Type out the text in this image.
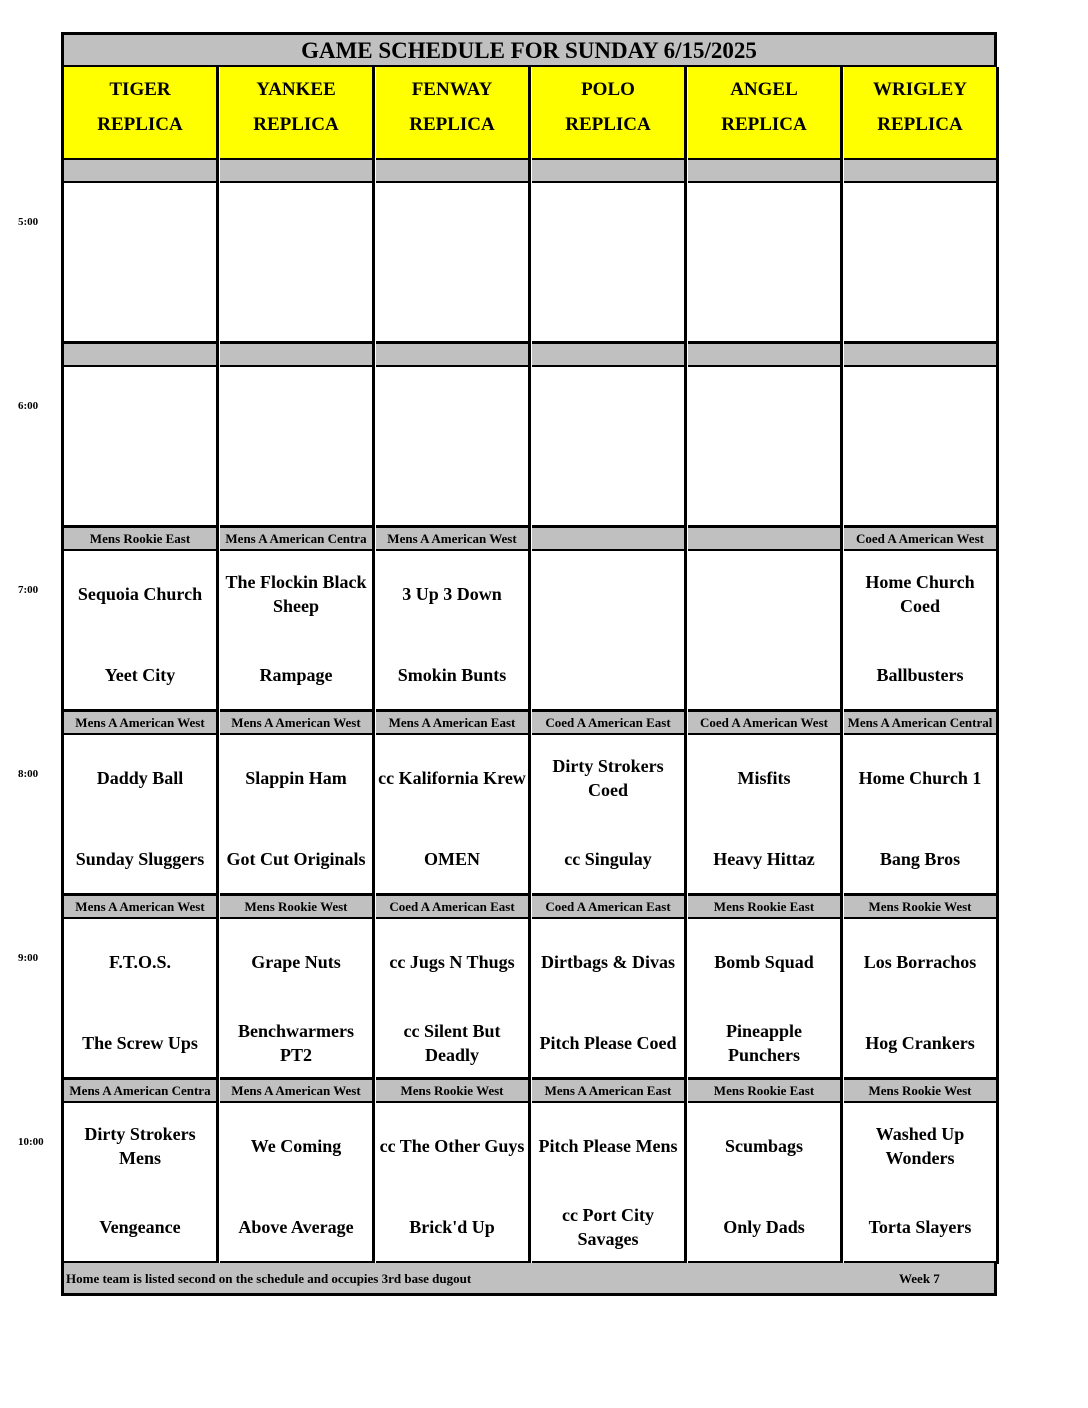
5:00
6:00
7:00
8:00
9:00
10:00
GAME SCHEDULE FOR SUNDAY 6/15/2025
TIGER
REPLICA
Mens Rookie East
Sequoia Church
Yeet City
Mens A American West
Daddy Ball
Sunday Sluggers
Mens A American West
F.T.O.S.
The Screw Ups
Mens A American Centra
Dirty Strokers Mens
Vengeance
YANKEE
REPLICA
Mens A American Centra
The Flockin Black Sheep
Rampage
Mens A American West
Slappin Ham
Got Cut Originals
Mens Rookie West
Grape Nuts
Benchwarmers PT2
Mens A American West
We Coming
Above Average
FENWAY
REPLICA
Mens A American West
3 Up 3 Down
Smokin Bunts
Mens A American East
cc Kalifornia Krew
OMEN
Coed A American East
cc Jugs N Thugs
cc Silent But Deadly
Mens Rookie West
cc The Other Guys
Brick'd Up
POLO
REPLICA
Coed A American East
Dirty Strokers Coed
cc Singulay
Coed A American East
Dirtbags & Divas
Pitch Please Coed
Mens A American East
Pitch Please Mens
cc Port City Savages
ANGEL
REPLICA
Coed A American West
Misfits
Heavy Hittaz
Mens Rookie East
Bomb Squad
Pineapple Punchers
Mens Rookie East
Scumbags
Only Dads
WRIGLEY
REPLICA
Coed A American West
Home Church Coed
Ballbusters
Mens A American Central
Home Church 1
Bang Bros
Mens Rookie West
Los Borrachos
Hog Crankers
Mens Rookie West
Washed Up Wonders
Torta Slayers
Home team is listed second on the schedule and occupies 3rd base dugout	Week 7
